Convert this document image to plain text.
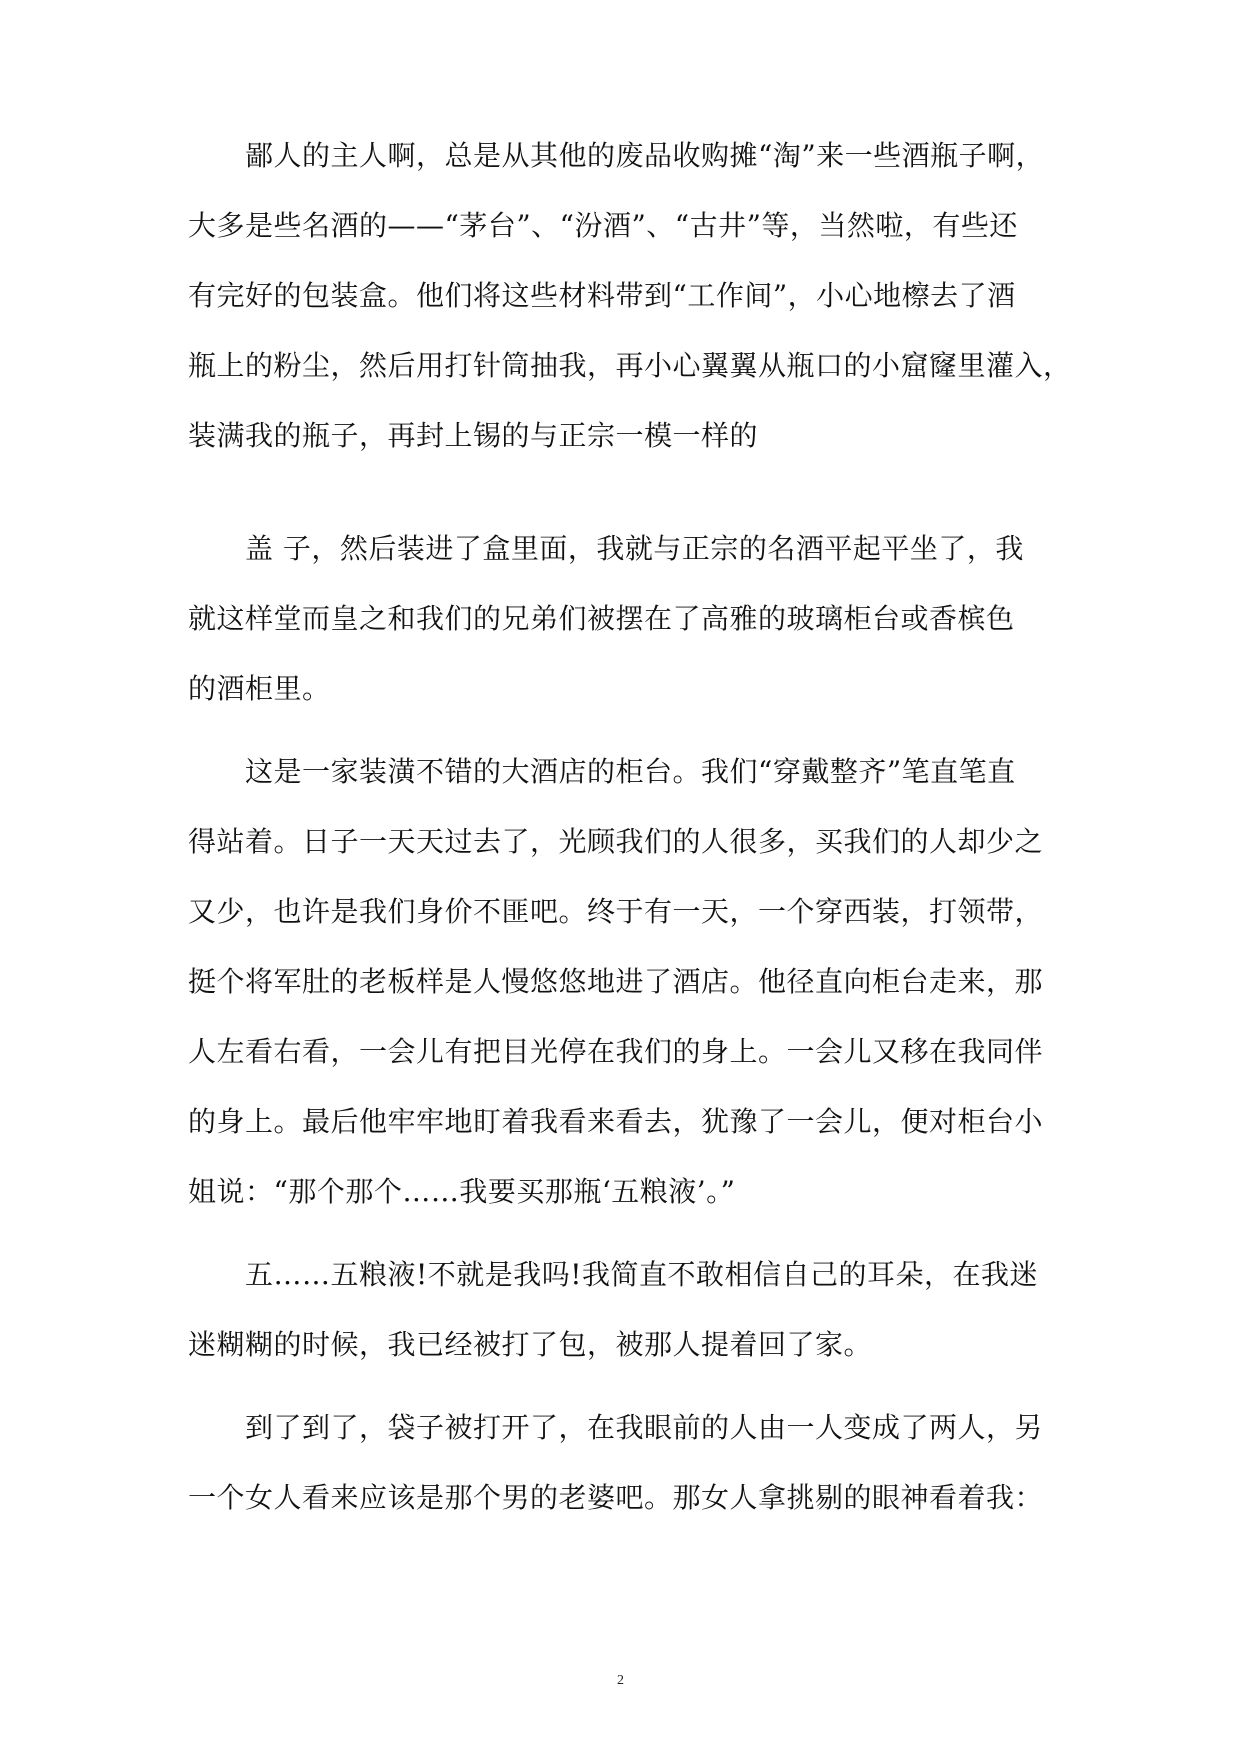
　　鄙人的主人啊，总是从其他的废品收购摊“淘”来一些酒瓶子啊，
大多是些名酒的——“茅台”、“汾酒”、“古井”等，当然啦，有些还
有完好的包装盒。他们将这些材料带到“工作间”，小心地檫去了酒
瓶上的粉尘，然后用打针筒抽我，再小心翼翼从瓶口的小窟窿里灌入，
装满我的瓶子，再封上锡的与正宗一模一样的
　　盖 子，然后装进了盒里面，我就与正宗的名酒平起平坐了，我
就这样堂而皇之和我们的兄弟们被摆在了高雅的玻璃柜台或香槟色
的酒柜里。
　　这是一家装潢不错的大酒店的柜台。我们“穿戴整齐”笔直笔直
得站着。日子一天天过去了，光顾我们的人很多，买我们的人却少之
又少，也许是我们身价不匪吧。终于有一天，一个穿西装，打领带，
挺个将军肚的老板样是人慢悠悠地进了酒店。他径直向柜台走来，那
人左看右看，一会儿有把目光停在我们的身上。一会儿又移在我同伴
的身上。最后他牢牢地盯着我看来看去，犹豫了一会儿，便对柜台小
姐说：“那个那个……我要买那瓶‘五粮液’。”
　　五……五粮液!不就是我吗!我简直不敢相信自己的耳朵，在我迷
迷糊糊的时候，我已经被打了包，被那人提着回了家。
　　到了到了，袋子被打开了，在我眼前的人由一人变成了两人，另
一个女人看来应该是那个男的老婆吧。那女人拿挑剔的眼神看着我：
2
